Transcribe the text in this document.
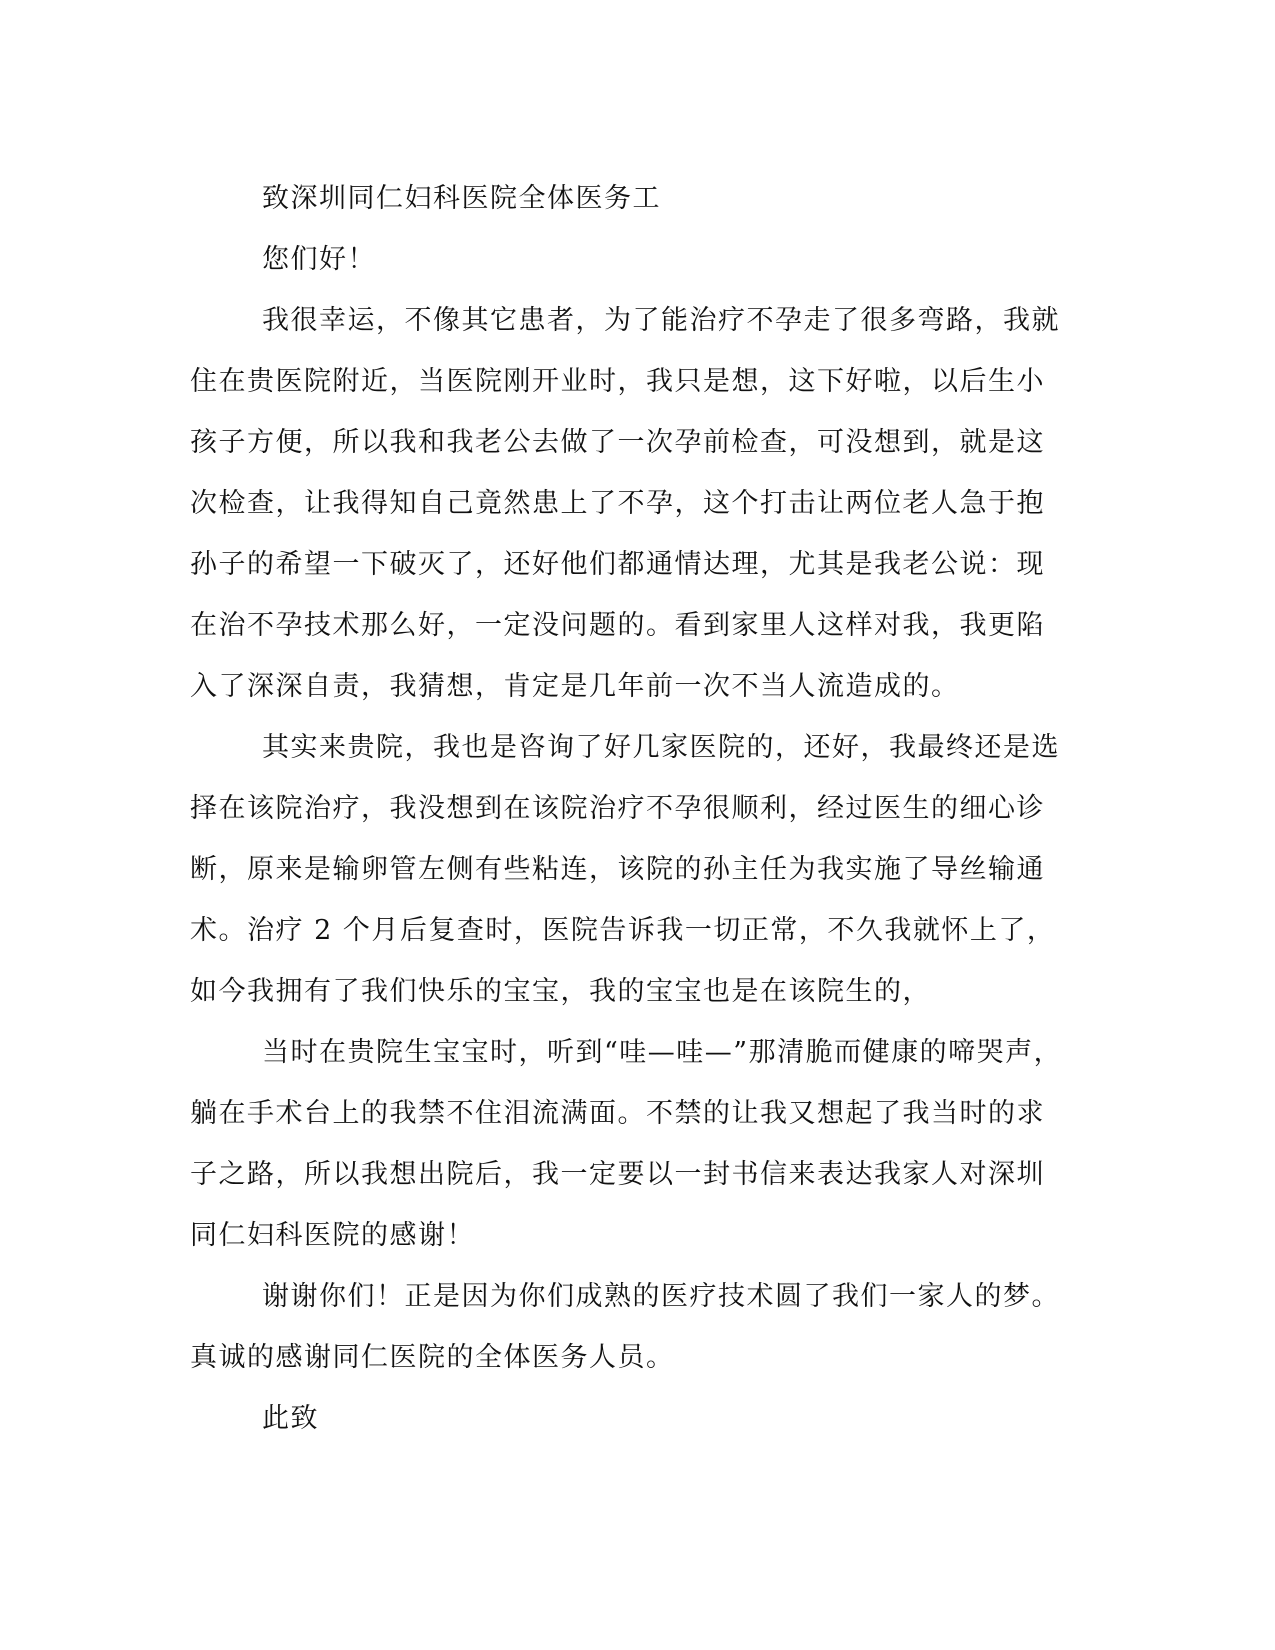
致深圳同仁妇科医院全体医务工
您们好！
我很幸运，不像其它患者，为了能治疗不孕走了很多弯路，我就
住在贵医院附近，当医院刚开业时，我只是想，这下好啦，以后生小
孩子方便，所以我和我老公去做了一次孕前检查，可没想到，就是这
次检查，让我得知自己竟然患上了不孕，这个打击让两位老人急于抱
孙子的希望一下破灭了，还好他们都通情达理，尤其是我老公说：现
在治不孕技术那么好，一定没问题的。看到家里人这样对我，我更陷
入了深深自责，我猜想，肯定是几年前一次不当人流造成的。
其实来贵院，我也是咨询了好几家医院的，还好，我最终还是选
择在该院治疗，我没想到在该院治疗不孕很顺利，经过医生的细心诊
断，原来是输卵管左侧有些粘连，该院的孙主任为我实施了导丝输通
术。治疗 2 个月后复查时，医院告诉我一切正常，不久我就怀上了，
如今我拥有了我们快乐的宝宝，我的宝宝也是在该院生的，
当时在贵院生宝宝时，听到“哇—哇—”那清脆而健康的啼哭声，
躺在手术台上的我禁不住泪流满面。不禁的让我又想起了我当时的求
子之路，所以我想出院后，我一定要以一封书信来表达我家人对深圳
同仁妇科医院的感谢！
谢谢你们！正是因为你们成熟的医疗技术圆了我们一家人的梦。
真诚的感谢同仁医院的全体医务人员。
此致
